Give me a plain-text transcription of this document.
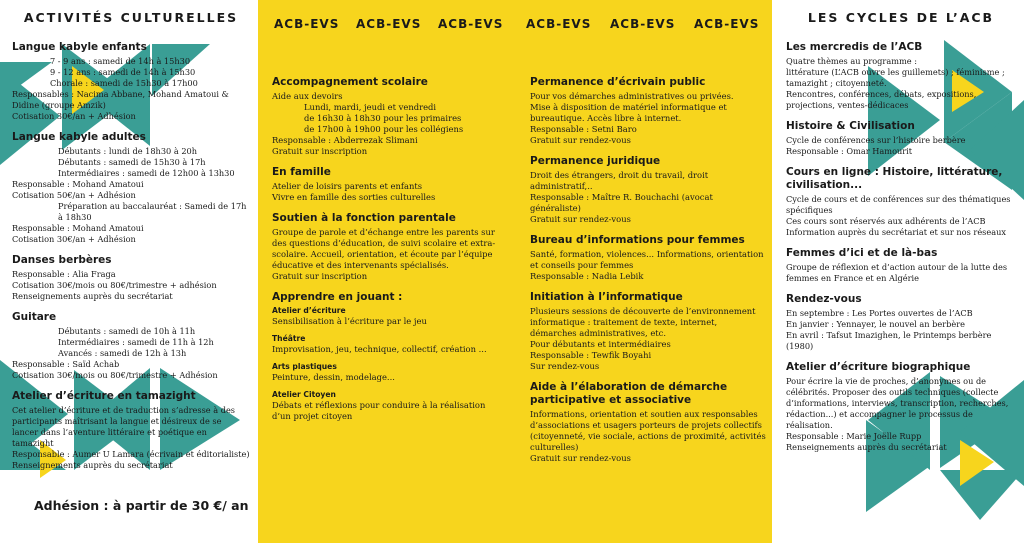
ACTIVITÉS CULTURELLES
Langue kabyle enfants
7 - 9 ans : samedi de 14h à 15h30
9 - 12 ans : samedi de 14h à 15h30
Chorale : samedi de 15h30 à 17h00
Responsables : Nacima Abbane, Mohand Amatoui & Didine (groupe Amzik)
Cotisation 30€/an + Adhésion
Langue kabyle adultes
Débutants : lundi de 18h30 à 20h
Débutants : samedi de 15h30 à 17h
Intermédiaires : samedi de 12h00 à 13h30
Responsable : Mohand Amatoui
Cotisation 50€/an + Adhésion
Préparation au baccalauréat : Samedi de 17h à 18h30
Responsable : Mohand Amatoui
Cotisation 30€/an + Adhésion
Danses berbères
Responsable : Alia Fraga
Cotisation 30€/mois ou 80€/trimestre + adhésion
Renseignements auprès du secrétariat
Guitare
Débutants : samedi de 10h à 11h
Intermédiaires : samedi de 11h à 12h
Avancés : samedi de 12h à 13h
Responsable : Saïd Achab
Cotisation 30€/mois ou 80€/trimestre + Adhésion
Atelier d’écriture en tamazight
Cet atelier d’écriture et de traduction s’adresse à des participants maîtrisant la langue et désireux de se lancer dans l’aventure littéraire et poétique en tamazight
Responsable : Aumer U Lamara (écrivain et éditorialiste)
Renseignements auprès du secrétariat
Adhésion : à partir de 30 €/ an
ACB-EVS ACB-EVS ACB-EVS ACB-EVS ACB-EVS ACB-EVS
Accompagnement scolaire
Aide aux devoirs
Lundi, mardi, jeudi et vendredi
de 16h30 à 18h30 pour les primaires
de 17h00 à 19h00 pour les collégiens
Responsable : Abderrezak Slimani
Gratuit sur inscription
En famille
Atelier de loisirs parents et enfants
Vivre en famille des sorties culturelles
Soutien à la fonction parentale
Groupe de parole et d’échange entre les parents sur des questions d’éducation, de suivi scolaire et extra-scolaire. Accueil, orientation, et écoute par l’équipe éducative et des intervenants spécialisés.
Gratuit sur inscription
Apprendre en jouant :
Atelier d’écriture
Sensibilisation à l’écriture par le jeu
Théâtre
Improvisation, jeu, technique, collectif, création ...
Arts plastiques
Peinture, dessin, modelage...
Atelier Citoyen
Débats et réflexions pour conduire à la réalisation d’un projet citoyen
Permanence d’écrivain public
Pour vos démarches administratives ou privées.
Mise à disposition de matériel informatique et bureautique. Accès libre à internet.
Responsable : Setni Baro
Gratuit sur rendez-vous
Permanence juridique
Droit des étrangers, droit du travail, droit administratif,..
Responsable : Maître R. Bouchachi (avocat généraliste)
Gratuit sur rendez-vous
Bureau d’informations pour femmes
Santé, formation, violences... Informations, orientation et conseils pour femmes
Responsable : Nadia Lebik
Initiation à l’informatique
Plusieurs sessions de découverte de l’environnement informatique : traitement de texte, internet, démarches administratives, etc.
Pour débutants et intermédiaires
Responsable : Tewfik Boyahi
Sur rendez-vous
Aide à l’élaboration de démarche participative et associative
Informations, orientation et soutien aux responsables d’associations et usagers porteurs de projets collectifs (citoyenneté, vie sociale, actions de proximité, activités culturelles)
Gratuit sur rendez-vous
LES CYCLES DE L’ACB
Les mercredis de l’ACB
Quatre thèmes au programme :
littérature (L’ACB ouvre les guillemets) ; féminisme ; tamazight ; citoyenneté.
Rencontres, conférences, débats, expositions, projections, ventes-dédicaces
Histoire & Civilisation
Cycle de conférences sur l’histoire berbère
Responsable : Omar Hamourit
Cours en ligne : Histoire, littérature, civilisation...
Cycle de cours et de conférences sur des thématiques spécifiques
Ces cours sont réservés aux adhérents de l’ACB
Information auprès du secrétariat et sur nos réseaux
Femmes d’ici et de là-bas
Groupe de réflexion et d’action autour de la lutte des femmes en France et en Algérie
Rendez-vous
En septembre : Les Portes ouvertes de l’ACB
En janvier : Yennayer, le nouvel an berbère
En avril : Tafsut Imazighen, le Printemps berbère (1980)
Atelier d’écriture biographique
Pour écrire la vie de proches, d’anonymes ou de célébrités. Proposer des outils techniques (collecte d’informations, interviews, transcription, recherches, rédaction...) et accompagner le processus de réalisation.
Responsable : Marie Joëlle Rupp
Renseignements auprès du secrétariat
